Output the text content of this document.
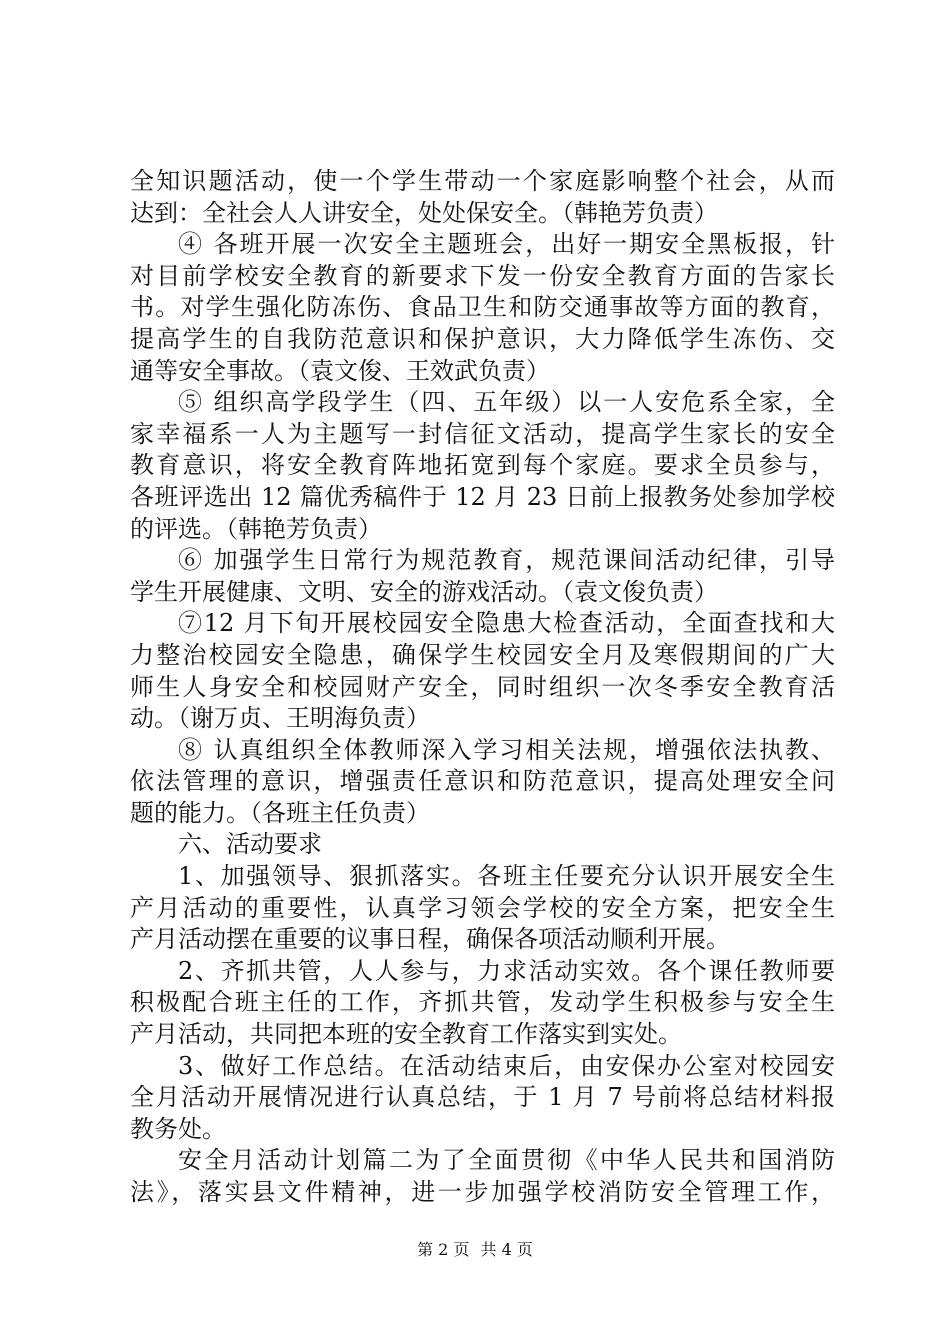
全知识题活动，使一个学生带动一个家庭影响整个社会，从而
达到：全社会人人讲安全，处处保安全。（韩艳芳负责）
④ 各班开展一次安全主题班会，出好一期安全黑板报，针
对目前学校安全教育的新要求下发一份安全教育方面的告家长
书。对学生强化防冻伤、食品卫生和防交通事故等方面的教育，
提高学生的自我防范意识和保护意识，大力降低学生冻伤、交
通等安全事故。（袁文俊、王效武负责）
⑤ 组织高学段学生（四、五年级）以一人安危系全家，全
家幸福系一人为主题写一封信征文活动，提高学生家长的安全
教育意识，将安全教育阵地拓宽到每个家庭。要求全员参与，
各班评选出 12 篇优秀稿件于 12 月 23 日前上报教务处参加学校
的评选。（韩艳芳负责）
⑥ 加强学生日常行为规范教育，规范课间活动纪律，引导
学生开展健康、文明、安全的游戏活动。（袁文俊负责）
⑦12 月下旬开展校园安全隐患大检查活动，全面查找和大
力整治校园安全隐患，确保学生校园安全月及寒假期间的广大
师生人身安全和校园财产安全，同时组织一次冬季安全教育活
动。（谢万贞、王明海负责）
⑧ 认真组织全体教师深入学习相关法规，增强依法执教、
依法管理的意识，增强责任意识和防范意识，提高处理安全问
题的能力。（各班主任负责）
六、活动要求
1、加强领导、狠抓落实。各班主任要充分认识开展安全生
产月活动的重要性，认真学习领会学校的安全方案，把安全生
产月活动摆在重要的议事日程，确保各项活动顺利开展。
2、齐抓共管，人人参与，力求活动实效。各个课任教师要
积极配合班主任的工作，齐抓共管，发动学生积极参与安全生
产月活动，共同把本班的安全教育工作落实到实处。
3、做好工作总结。在活动结束后，由安保办公室对校园安
全月活动开展情况进行认真总结，于 1 月 7 号前将总结材料报
教务处。
安全月活动计划篇二为了全面贯彻《中华人民共和国消防
法》，落实县文件精神，进一步加强学校消防安全管理工作，
第 2 页 共 4 页
